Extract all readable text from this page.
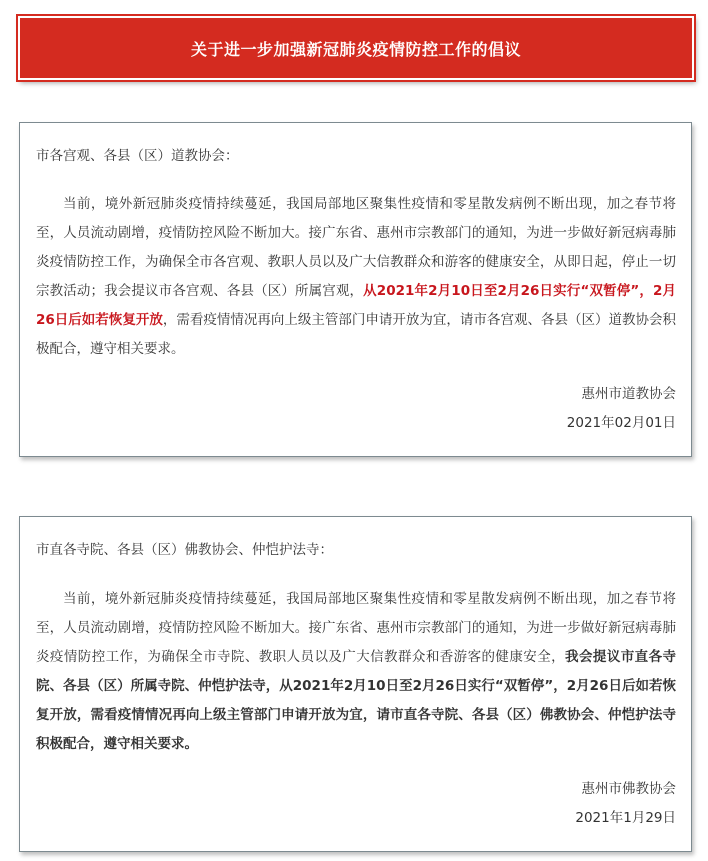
关于进一步加强新冠肺炎疫情防控工作的倡议
市各宫观、各县（区）道教协会：

当前，境外新冠肺炎疫情持续蔓延，我国局部地区聚集性疫情和零星散发病例不断出现，加之春节将至，人员流动剧增，疫情防控风险不断加大。接广东省、惠州市宗教部门的通知，为进一步做好新冠病毒肺炎疫情防控工作，为确保全市各宫观、教职人员以及广大信教群众和游客的健康安全，从即日起，停止一切宗教活动；我会提议市各宫观、各县（区）所属宫观，从2021年2月10日至2月26日实行“双暂停”，2月26日后如若恢复开放，需看疫情情况再向上级主管部门申请开放为宜，请市各宫观、各县（区）道教协会积极配合，遵守相关要求。

惠州市道教协会
2021年02月01日
市直各寺院、各县（区）佛教协会、仲恺护法寺：

当前，境外新冠肺炎疫情持续蔓延，我国局部地区聚集性疫情和零星散发病例不断出现，加之春节将至，人员流动剧增，疫情防控风险不断加大。接广东省、惠州市宗教部门的通知，为进一步做好新冠病毒肺炎疫情防控工作，为确保全市寺院、教职人员以及广大信教群众和香游客的健康安全，我会提议市直各寺院、各县（区）所属寺院、仲恺护法寺，从2021年2月10日至2月26日实行“双暂停”，2月26日后如若恢复开放，需看疫情情况再向上级主管部门申请开放为宜，请市直各寺院、各县（区）佛教协会、仲恺护法寺积极配合，遵守相关要求。

惠州市佛教协会
2021年1月29日
